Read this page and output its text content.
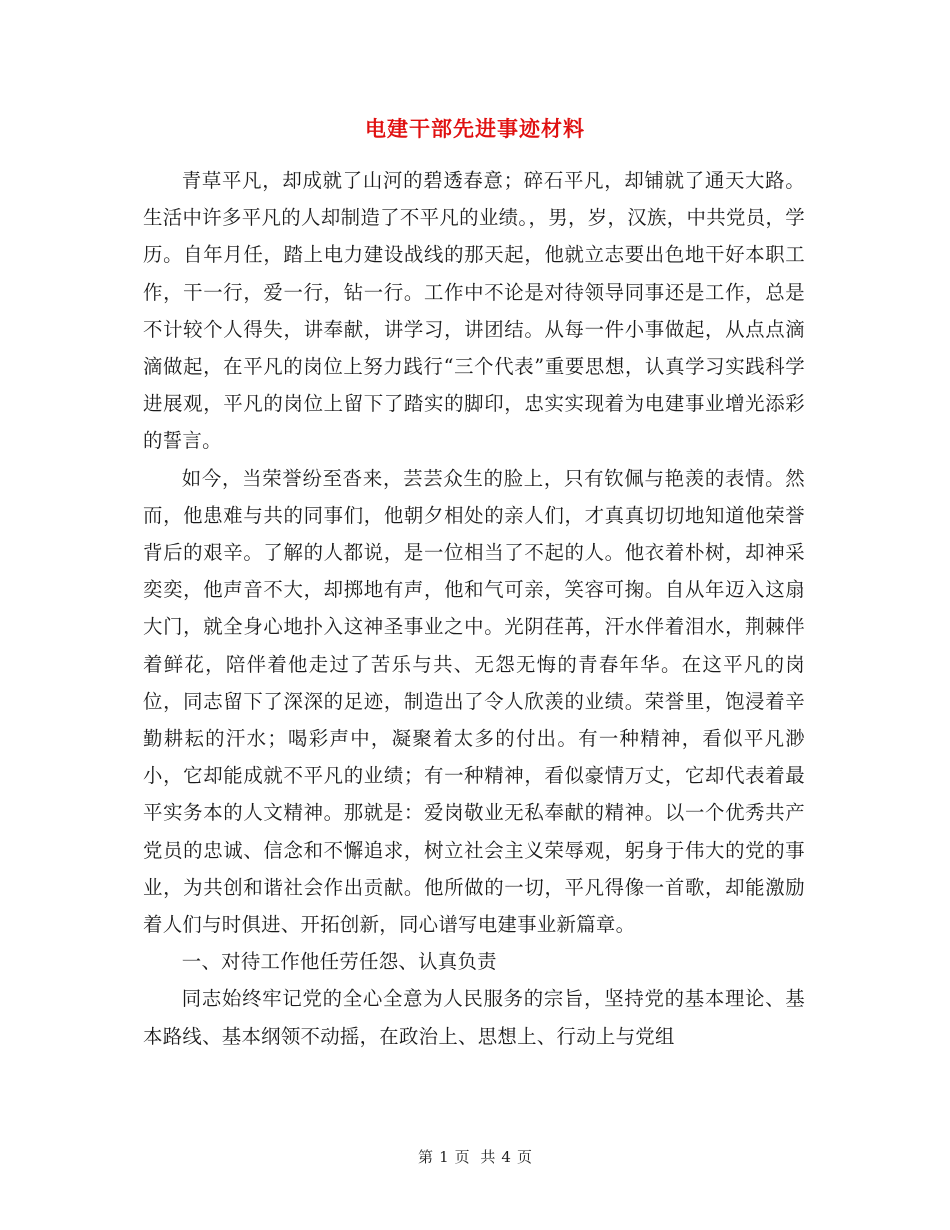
电建干部先进事迹材料

青草平凡，却成就了山河的碧透春意；碎石平凡，却铺就了通天大路。生活中许多平凡的人却制造了不平凡的业绩。，男，岁，汉族，中共党员，学历。自年月任，踏上电力建设战线的那天起，他就立志要出色地干好本职工作，干一行，爱一行，钻一行。工作中不论是对待领导同事还是工作，总是不计较个人得失，讲奉献，讲学习，讲团结。从每一件小事做起，从点点滴滴做起，在平凡的岗位上努力践行“三个代表”重要思想，认真学习实践科学进展观，平凡的岗位上留下了踏实的脚印，忠实实现着为电建事业增光添彩的誓言。

如今，当荣誉纷至沓来，芸芸众生的脸上，只有钦佩与艳羡的表情。然而，他患难与共的同事们，他朝夕相处的亲人们，才真真切切地知道他荣誉背后的艰辛。了解的人都说，是一位相当了不起的人。他衣着朴树，却神采奕奕，他声音不大，却掷地有声，他和气可亲，笑容可掬。自从年迈入这扇大门，就全身心地扑入这神圣事业之中。光阴荏苒，汗水伴着泪水，荆棘伴着鲜花，陪伴着他走过了苦乐与共、无怨无悔的青春年华。在这平凡的岗位，同志留下了深深的足迹，制造出了令人欣羡的业绩。荣誉里，饱浸着辛勤耕耘的汗水；喝彩声中，凝聚着太多的付出。有一种精神，看似平凡渺小，它却能成就不平凡的业绩；有一种精神，看似豪情万丈，它却代表着最平实务本的人文精神。那就是：爱岗敬业无私奉献的精神。以一个优秀共产党员的忠诚、信念和不懈追求，树立社会主义荣辱观，躬身于伟大的党的事业，为共创和谐社会作出贡献。他所做的一切，平凡得像一首歌，却能激励着人们与时俱进、开拓创新，同心谱写电建事业新篇章。

一、对待工作他任劳任怨、认真负责

同志始终牢记党的全心全意为人民服务的宗旨，坚持党的基本理论、基本路线、基本纲领不动摇，在政治上、思想上、行动上与党组

第 1 页 共 4 页
